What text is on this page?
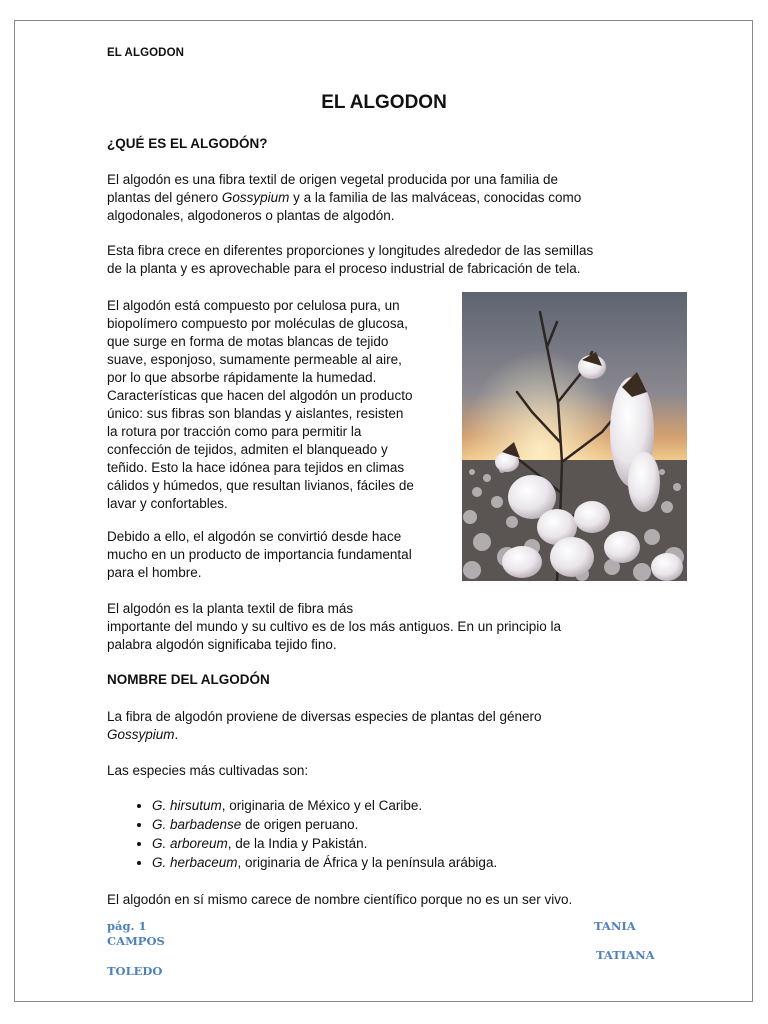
EL ALGODON
EL ALGODON
¿QUÉ ES EL ALGODÓN?
El algodón es una fibra textil de origen vegetal producida por una familia de
plantas del género Gossypium y a la familia de las malváceas, conocidas como
algodonales, algodoneros o plantas de algodón.
Esta fibra crece en diferentes proporciones y longitudes alrededor de las semillas
de la planta y es aprovechable para el proceso industrial de fabricación de tela.
El algodón está compuesto por celulosa pura, un
biopolímero compuesto por moléculas de glucosa,
que surge en forma de motas blancas de tejido
suave, esponjoso, sumamente permeable al aire,
por lo que absorbe rápidamente la humedad.
Características que hacen del algodón un producto
único: sus fibras son blandas y aislantes, resisten
la rotura por tracción como para permitir la
confección de tejidos, admiten el blanqueado y
teñido. Esto la hace idónea para tejidos en climas
cálidos y húmedos, que resultan livianos, fáciles de
lavar y confortables.
Debido a ello, el algodón se convirtió desde hace
mucho en un producto de importancia fundamental
para el hombre.
El algodón es la planta textil de fibra más
importante del mundo y su cultivo es de los más antiguos. En un principio la
palabra algodón significaba tejido fino.
NOMBRE DEL ALGODÓN
La fibra de algodón proviene de diversas especies de plantas del género
Gossypium.
Las especies más cultivadas son:
• G. hirsutum, originaria de México y el Caribe.
• G. barbadense de origen peruano.
• G. arboreum, de la India y Pakistán.
• G. herbaceum, originaria de África y la península arábiga.
El algodón en sí mismo carece de nombre científico porque no es un ser vivo.
pág. 1
CAMPOS
TOLEDO
TANIA
TATIANA
